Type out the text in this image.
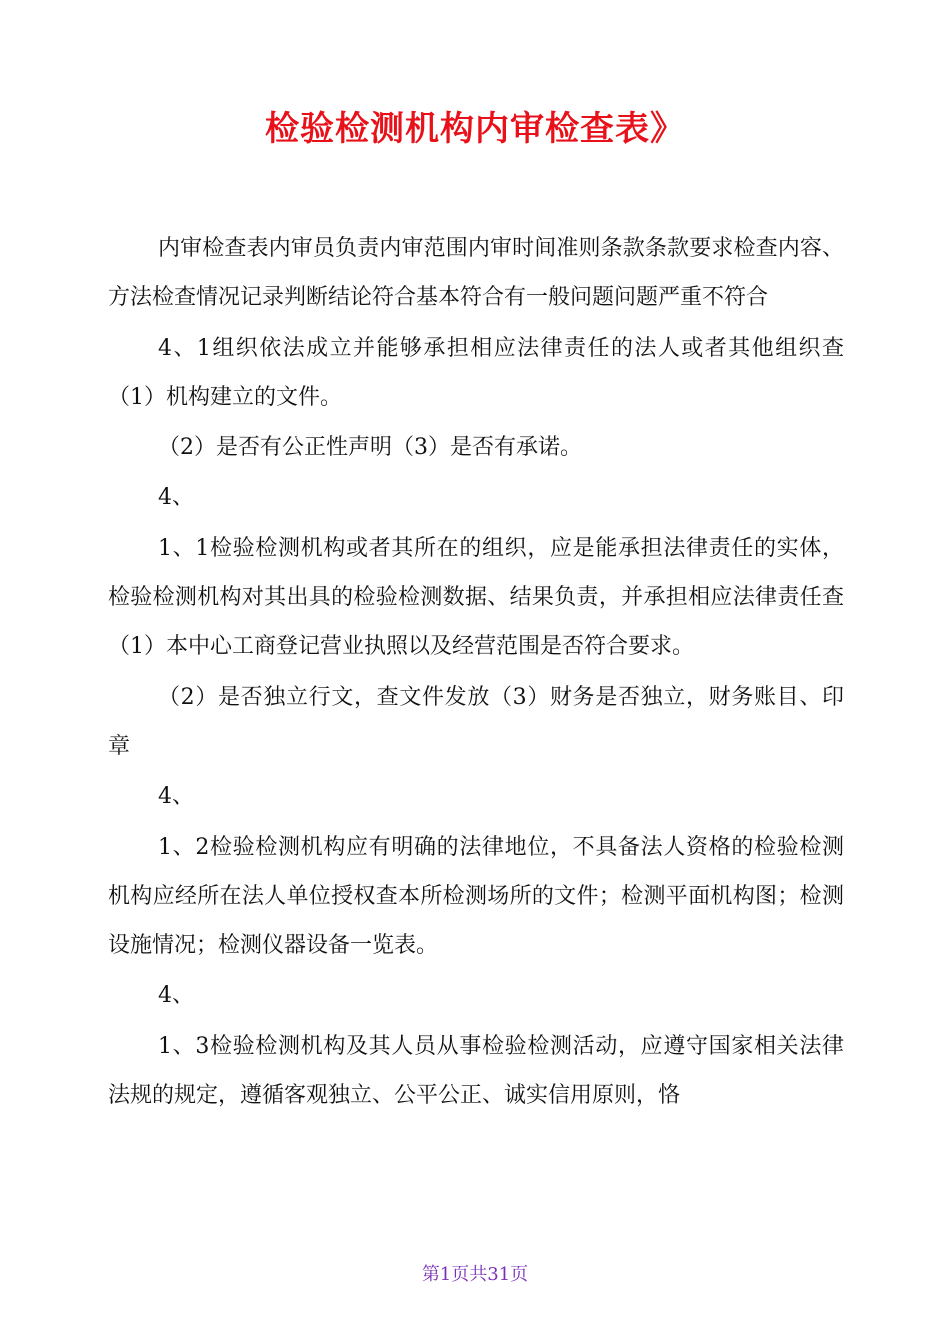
检验检测机构内审检查表》

内审检查表内审员负责内审范围内审时间准则条款条款要求检查内容、方法检查情况记录判断结论符合基本符合有一般问题问题严重不符合

4、1组织依法成立并能够承担相应法律责任的法人或者其他组织查（1）机构建立的文件。

（2）是否有公正性声明（3）是否有承诺。

4、

1、1检验检测机构或者其所在的组织，应是能承担法律责任的实体，检验检测机构对其出具的检验检测数据、结果负责，并承担相应法律责任查（1）本中心工商登记营业执照以及经营范围是否符合要求。

（2）是否独立行文，查文件发放（3）财务是否独立，财务账目、印章

4、

1、2检验检测机构应有明确的法律地位，不具备法人资格的检验检测机构应经所在法人单位授权查本所检测场所的文件；检测平面机构图；检测设施情况；检测仪器设备一览表。

4、

1、3检验检测机构及其人员从事检验检测活动，应遵守国家相关法律法规的规定，遵循客观独立、公平公正、诚实信用原则，恪

第1页共31页
